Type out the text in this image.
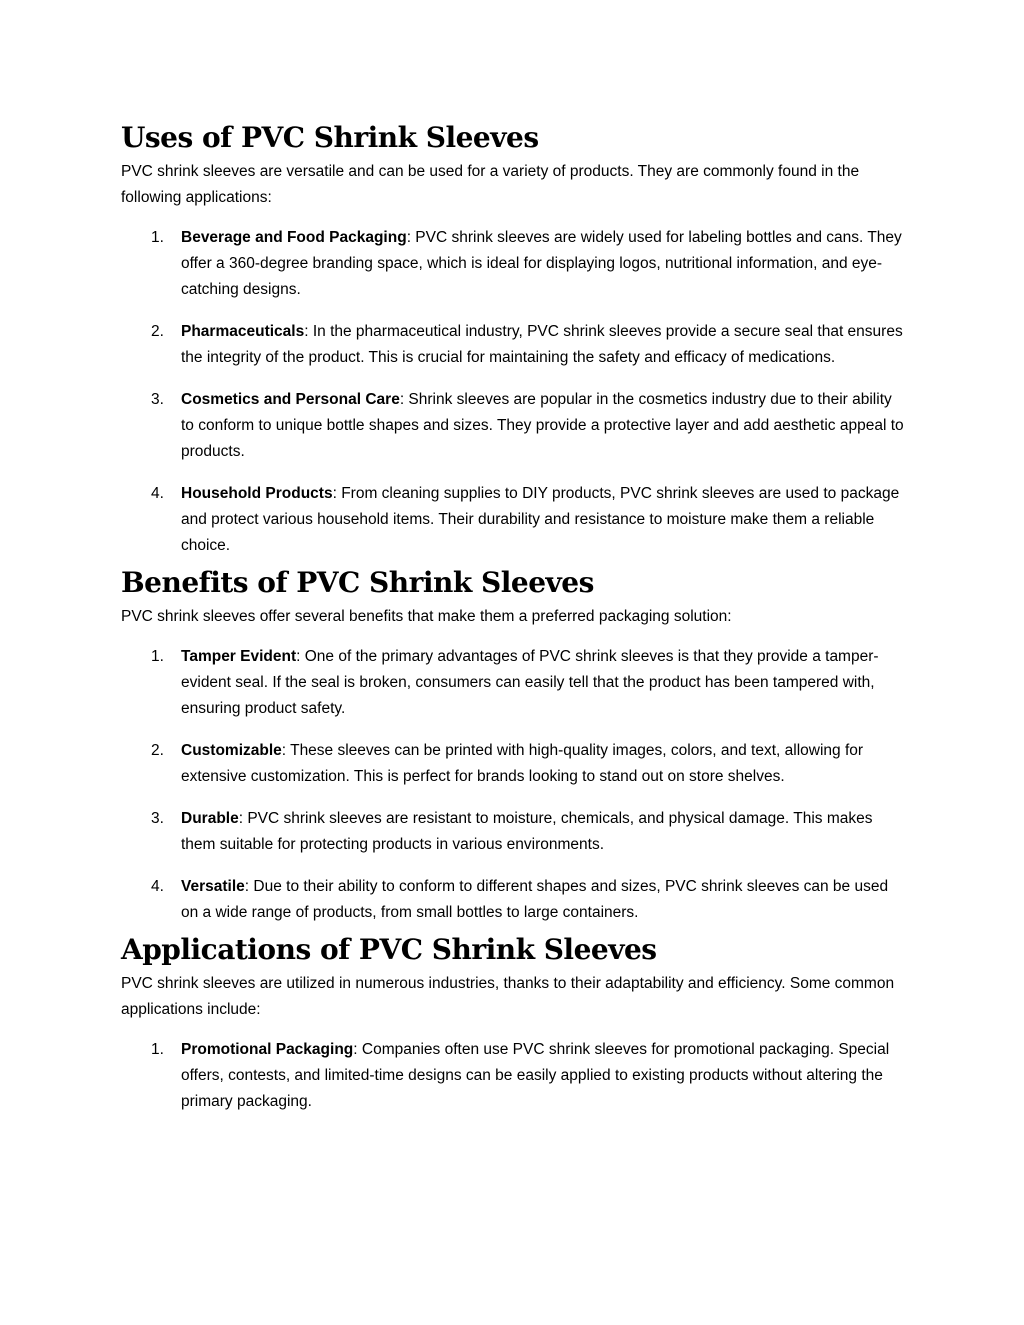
Uses of PVC Shrink Sleeves

PVC shrink sleeves are versatile and can be used for a variety of products. They are commonly found in the following applications:

1. Beverage and Food Packaging: PVC shrink sleeves are widely used for labeling bottles and cans. They offer a 360-degree branding space, which is ideal for displaying logos, nutritional information, and eye-catching designs.
2. Pharmaceuticals: In the pharmaceutical industry, PVC shrink sleeves provide a secure seal that ensures the integrity of the product. This is crucial for maintaining the safety and efficacy of medications.
3. Cosmetics and Personal Care: Shrink sleeves are popular in the cosmetics industry due to their ability to conform to unique bottle shapes and sizes. They provide a protective layer and add aesthetic appeal to products.
4. Household Products: From cleaning supplies to DIY products, PVC shrink sleeves are used to package and protect various household items. Their durability and resistance to moisture make them a reliable choice.
Benefits of PVC Shrink Sleeves

PVC shrink sleeves offer several benefits that make them a preferred packaging solution:

1. Tamper Evident: One of the primary advantages of PVC shrink sleeves is that they provide a tamper-evident seal. If the seal is broken, consumers can easily tell that the product has been tampered with, ensuring product safety.
2. Customizable: These sleeves can be printed with high-quality images, colors, and text, allowing for extensive customization. This is perfect for brands looking to stand out on store shelves.
3. Durable: PVC shrink sleeves are resistant to moisture, chemicals, and physical damage. This makes them suitable for protecting products in various environments.
4. Versatile: Due to their ability to conform to different shapes and sizes, PVC shrink sleeves can be used on a wide range of products, from small bottles to large containers.
Applications of PVC Shrink Sleeves

PVC shrink sleeves are utilized in numerous industries, thanks to their adaptability and efficiency. Some common applications include:

1. Promotional Packaging: Companies often use PVC shrink sleeves for promotional packaging. Special offers, contests, and limited-time designs can be easily applied to existing products without altering the primary packaging.
